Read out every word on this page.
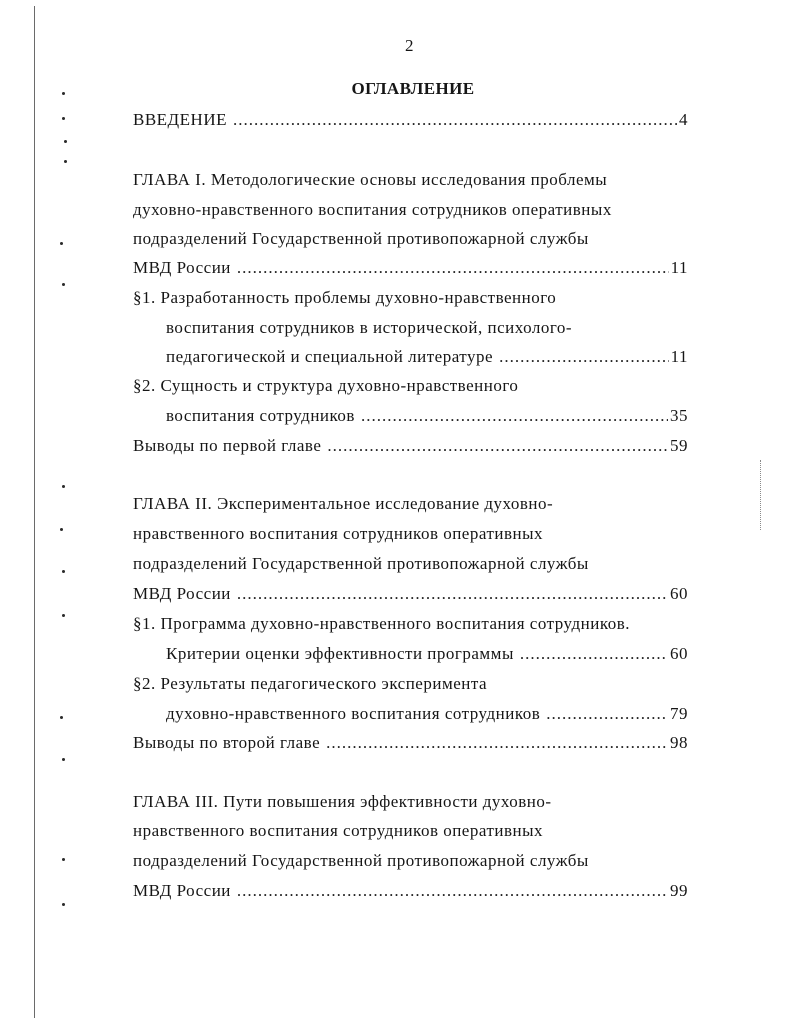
2
ОГЛАВЛЕНИЕ
ВВЕДЕНИЕ .....	4
ГЛАВА I. Методологические основы исследования проблемы
духовно-нравственного воспитания сотрудников оперативных
подразделений Государственной противопожарной службы
МВД России .....	11
§1. Разработанность проблемы духовно-нравственного
воспитания сотрудников в исторической, психолого-
педагогической и специальной литературе .....	11
§2. Сущность и структура духовно-нравственного
воспитания сотрудников .....	35
Выводы по первой главе .....	59
ГЛАВА II. Экспериментальное исследование духовно-
нравственного воспитания сотрудников оперативных
подразделений Государственной противопожарной службы
МВД России .....	60
§1. Программа духовно-нравственного воспитания сотрудников.
Критерии оценки эффективности программы .....	60
§2. Результаты педагогического эксперимента
духовно-нравственного воспитания сотрудников .....	79
Выводы по второй главе .....	98
ГЛАВА III. Пути повышения эффективности духовно-
нравственного воспитания сотрудников оперативных
подразделений Государственной противопожарной службы
МВД России .....	99
